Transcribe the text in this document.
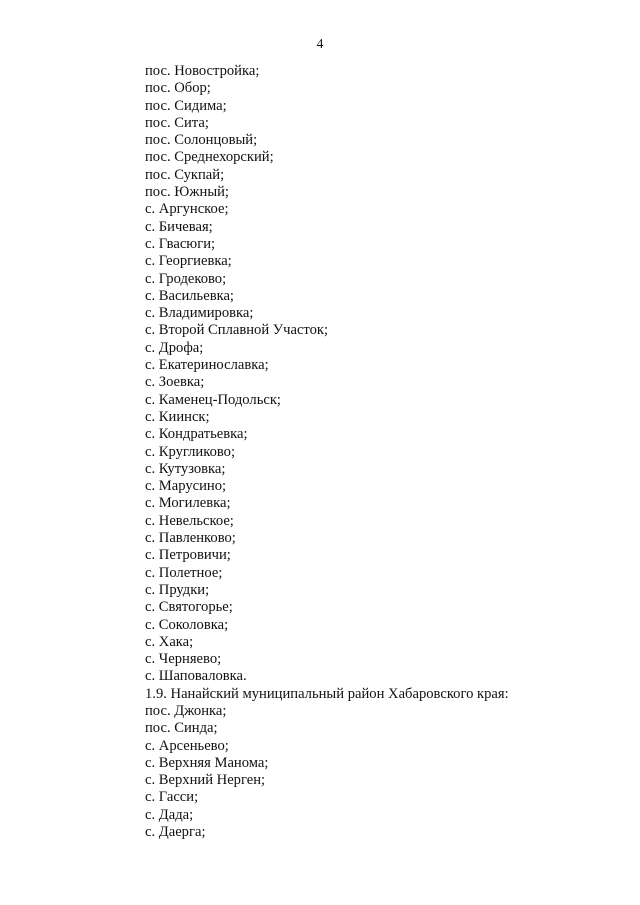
4
пос. Новостройка;
пос. Обор;
пос. Сидима;
пос. Сита;
пос. Солонцовый;
пос. Среднехорский;
пос. Сукпай;
пос. Южный;
с. Аргунское;
с. Бичевая;
с. Гвасюги;
с. Георгиевка;
с. Гродеково;
с. Васильевка;
с. Владимировка;
с. Второй Сплавной Участок;
с. Дрофа;
с. Екатеринославка;
с. Зоевка;
с. Каменец-Подольск;
с. Киинск;
с. Кондратьевка;
с. Кругликово;
с. Кутузовка;
с. Марусино;
с. Могилевка;
с. Невельское;
с. Павленково;
с. Петровичи;
с. Полетное;
с. Прудки;
с. Святогорье;
с. Соколовка;
с. Хака;
с. Черняево;
с. Шаповаловка.
1.9. Нанайский муниципальный район Хабаровского края:
пос. Джонка;
пос. Синда;
с. Арсеньево;
с. Верхняя Манома;
с. Верхний Нерген;
с. Гасси;
с. Дада;
с. Даерга;
